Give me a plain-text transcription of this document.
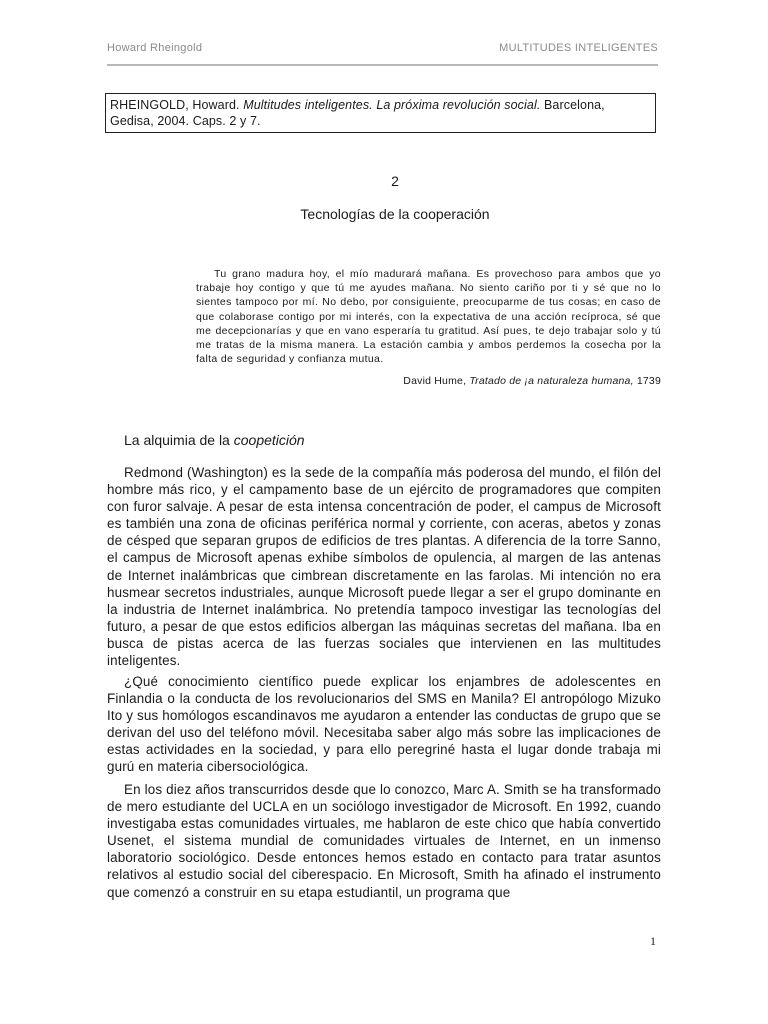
Howard Rheingold	MULTITUDES INTELIGENTES
RHEINGOLD, Howard. Multitudes inteligentes. La próxima revolución social. Barcelona, Gedisa, 2004. Caps. 2 y 7.
2
Tecnologías de la cooperación
Tu grano madura hoy, el mío madurará mañana. Es provechoso para ambos que yo trabaje hoy contigo y que tú me ayudes mañana. No siento cariño por ti y sé que no lo sientes tampoco por mí. No debo, por consiguiente, preocuparme de tus cosas; en caso de que colaborase contigo por mi interés, con la expectativa de una acción recíproca, sé que me decepcionarías y que en vano esperaría tu gratitud. Así pues, te dejo trabajar solo y tú me tratas de la misma manera. La estación cambia y ambos perdemos la cosecha por la falta de seguridad y confianza mutua.
David Hume, Tratado de ¡a naturaleza humana, 1739
La alquimia de la coopetición
Redmond (Washington) es la sede de la compañía más poderosa del mundo, el filón del hombre más rico, y el campamento base de un ejército de programadores que compiten con furor salvaje. A pesar de esta intensa concentración de poder, el campus de Microsoft es también una zona de oficinas periférica normal y corriente, con aceras, abetos y zonas de césped que separan grupos de edificios de tres plantas. A diferencia de la torre Sanno, el campus de Microsoft apenas exhibe símbolos de opulencia, al margen de las antenas de Internet inalámbricas que cimbrean discretamente en las farolas. Mi intención no era husmear secretos industriales, aunque Microsoft puede llegar a ser el grupo dominante en la industria de Internet inalámbrica. No pretendía tampoco investigar las tecnologías del futuro, a pesar de que estos edificios albergan las máquinas secretas del mañana. Iba en busca de pistas acerca de las fuerzas sociales que intervienen en las multitudes inteligentes.
¿Qué conocimiento científico puede explicar los enjambres de adolescentes en Finlandia o la conducta de los revolucionarios del SMS en Manila? El antropólogo Mizuko Ito y sus homólogos escandinavos me ayudaron a entender las conductas de grupo que se derivan del uso del teléfono móvil. Necesitaba saber algo más sobre las implicaciones de estas actividades en la sociedad, y para ello peregriné hasta el lugar donde trabaja mi gurú en materia cibersociológica.
En los diez años transcurridos desde que lo conozco, Marc A. Smith se ha transformado de mero estudiante del UCLA en un sociólogo investigador de Microsoft. En 1992, cuando investigaba estas comunidades virtuales, me hablaron de este chico que había convertido Usenet, el sistema mundial de comunidades virtuales de Internet, en un inmenso laboratorio sociológico. Desde entonces hemos estado en contacto para tratar asuntos relativos al estudio social del ciberespacio. En Microsoft, Smith ha afinado el instrumento que comenzó a construir en su etapa estudiantil, un programa que
1
